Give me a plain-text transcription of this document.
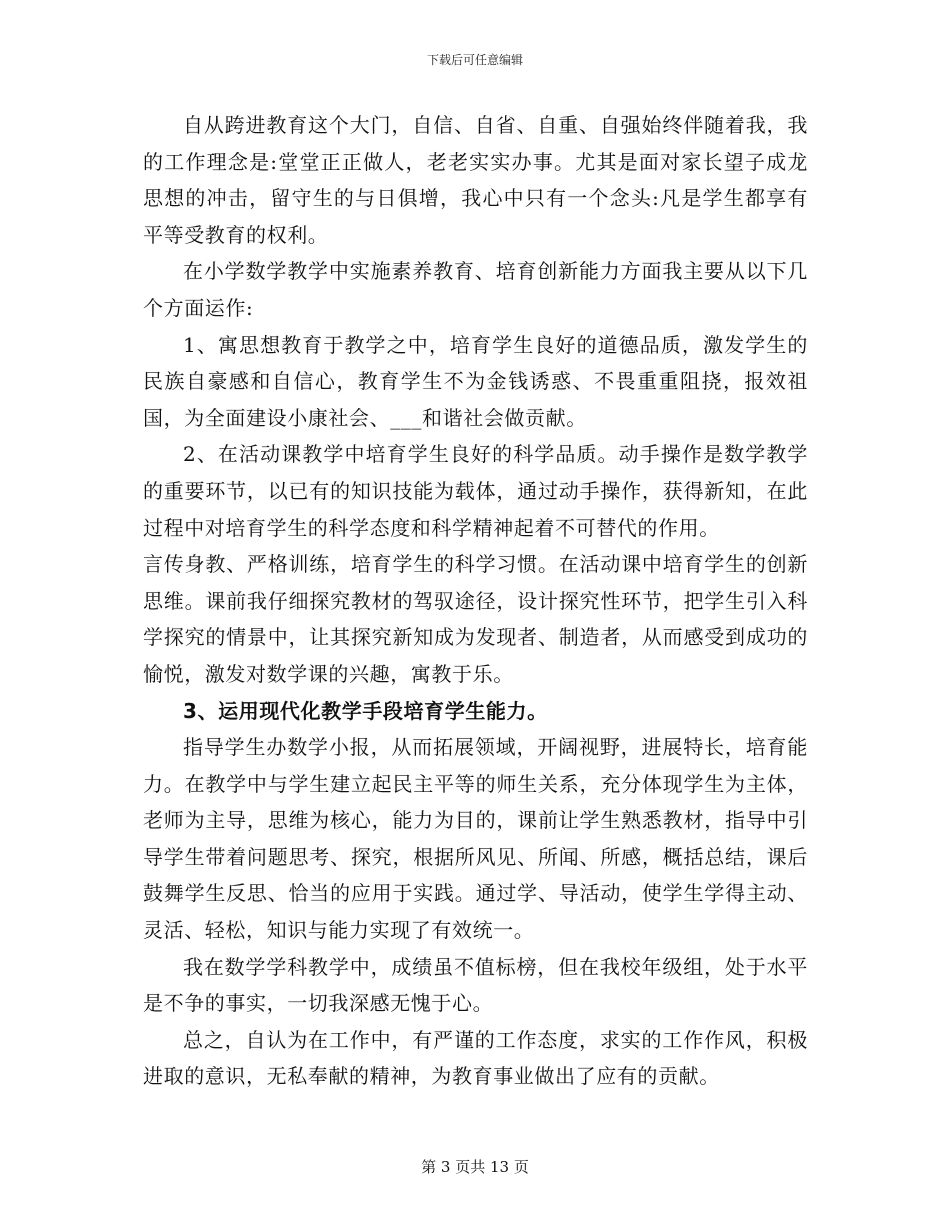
下载后可任意编辑

自从跨进教育这个大门，自信、自省、自重、自强始终伴随着我，我的工作理念是:堂堂正正做人，老老实实办事。尤其是面对家长望子成龙思想的冲击，留守生的与日俱增，我心中只有一个念头:凡是学生都享有平等受教育的权利。

在小学数学教学中实施素养教育、培育创新能力方面我主要从以下几个方面运作:

1、寓思想教育于教学之中，培育学生良好的道德品质，激发学生的民族自豪感和自信心，教育学生不为金钱诱惑、不畏重重阻挠，报效祖国，为全面建设小康社会、___和谐社会做贡献。

2、在活动课教学中培育学生良好的科学品质。动手操作是数学教学的重要环节，以已有的知识技能为载体，通过动手操作，获得新知，在此过程中对培育学生的科学态度和科学精神起着不可替代的作用。

言传身教、严格训练，培育学生的科学习惯。在活动课中培育学生的创新思维。课前我仔细探究教材的驾驭途径，设计探究性环节，把学生引入科学探究的情景中，让其探究新知成为发现者、制造者，从而感受到成功的愉悦，激发对数学课的兴趣，寓教于乐。

3、运用现代化教学手段培育学生能力。

指导学生办数学小报，从而拓展领域，开阔视野，进展特长，培育能力。在教学中与学生建立起民主平等的师生关系，充分体现学生为主体，老师为主导，思维为核心，能力为目的，课前让学生熟悉教材，指导中引导学生带着问题思考、探究，根据所风见、所闻、所感，概括总结，课后鼓舞学生反思、恰当的应用于实践。通过学、导活动，使学生学得主动、灵活、轻松，知识与能力实现了有效统一。

我在数学学科教学中，成绩虽不值标榜，但在我校年级组，处于水平是不争的事实，一切我深感无愧于心。

总之，自认为在工作中，有严谨的工作态度，求实的工作作风，积极进取的意识，无私奉献的精神，为教育事业做出了应有的贡献。

第 3 页共 13 页
